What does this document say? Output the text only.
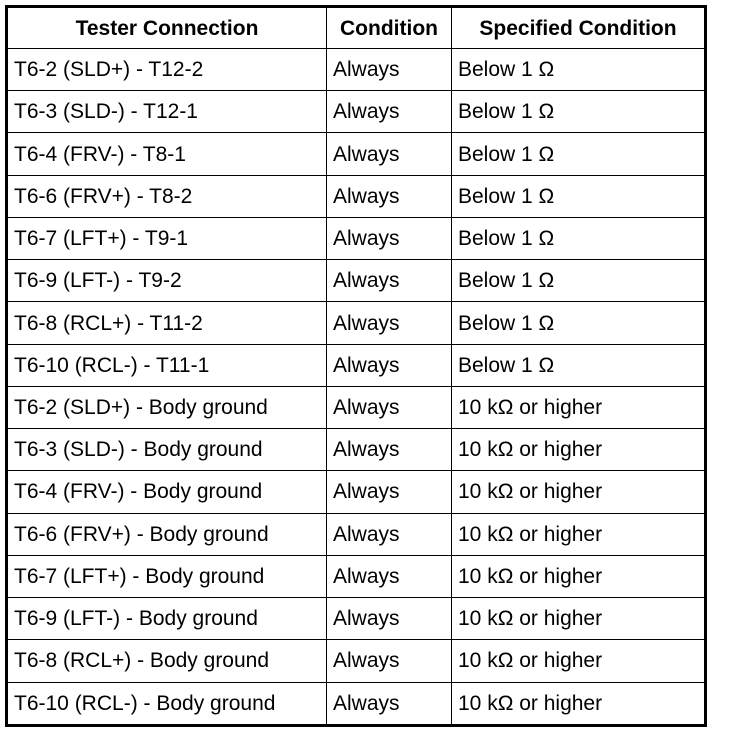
Tester Connection	Condition	Specified Condition
T6-2 (SLD+) - T12-2	Always	Below 1 Ω
T6-3 (SLD-) - T12-1	Always	Below 1 Ω
T6-4 (FRV-) - T8-1	Always	Below 1 Ω
T6-6 (FRV+) - T8-2	Always	Below 1 Ω
T6-7 (LFT+) - T9-1	Always	Below 1 Ω
T6-9 (LFT-) - T9-2	Always	Below 1 Ω
T6-8 (RCL+) - T11-2	Always	Below 1 Ω
T6-10 (RCL-) - T11-1	Always	Below 1 Ω
T6-2 (SLD+) - Body ground	Always	10 kΩ or higher
T6-3 (SLD-) - Body ground	Always	10 kΩ or higher
T6-4 (FRV-) - Body ground	Always	10 kΩ or higher
T6-6 (FRV+) - Body ground	Always	10 kΩ or higher
T6-7 (LFT+) - Body ground	Always	10 kΩ or higher
T6-9 (LFT-) - Body ground	Always	10 kΩ or higher
T6-8 (RCL+) - Body ground	Always	10 kΩ or higher
T6-10 (RCL-) - Body ground	Always	10 kΩ or higher
